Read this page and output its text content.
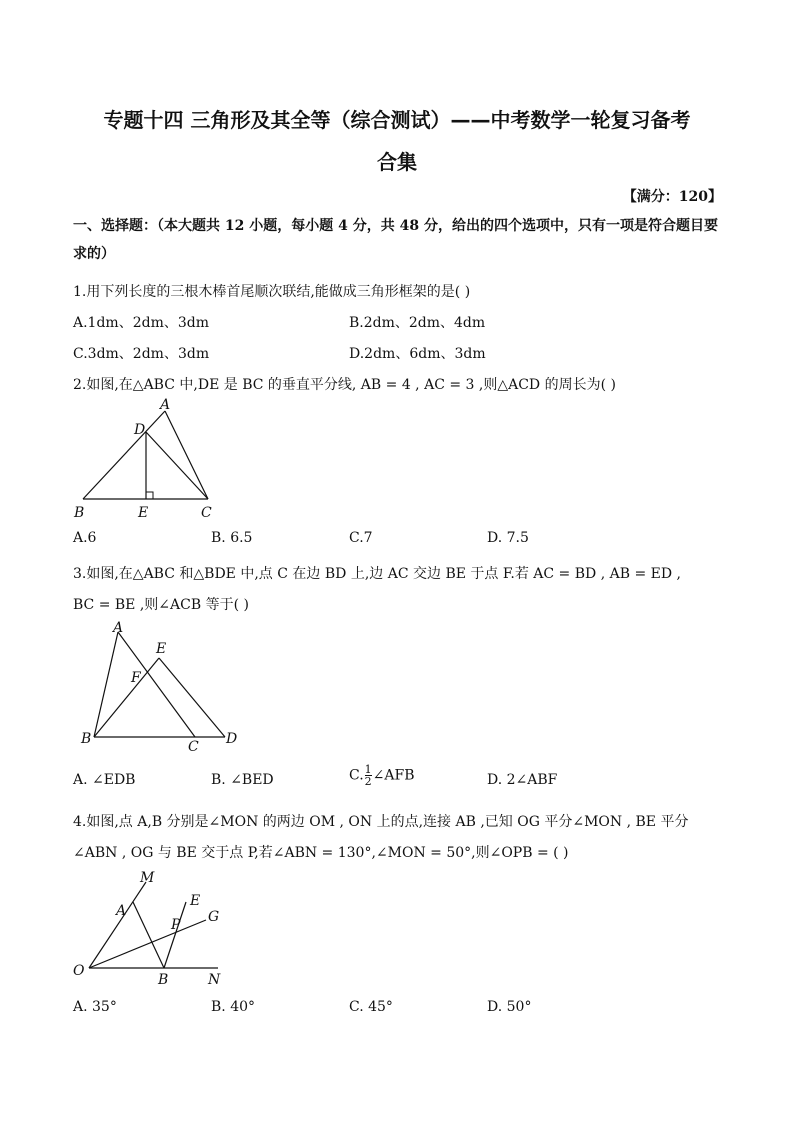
专题十四 三角形及其全等（综合测试）——中考数学一轮复习备考
合集
【满分：120】
一、选择题：（本大题共 12 小题，每小题 4 分，共 48 分，给出的四个选项中，只有一项是符合题目要求的）
1.用下列长度的三根木棒首尾顺次联结,能做成三角形框架的是( )
A.1dm、2dm、3dm	B.2dm、2dm、4dm
C.3dm、2dm、3dm	D.2dm、6dm、3dm
2.如图,在△ABC 中,DE 是 BC 的垂直平分线, AB = 4 , AC = 3 ,则△ACD 的周长为( )
A
D
B	E	C
A.6	B. 6.5	C.7	D. 7.5
3.如图,在△ABC 和△BDE 中,点 C 在边 BD 上,边 AC 交边 BE 于点 F.若 AC = BD , AB = ED ,
BC = BE ,则∠ACB 等于( )
A
E
F
B	C D
A. ∠EDB	B. ∠BED	C. $\frac{1}{2}$ ∠AFB	D. 2∠ABF
4.如图,点 A,B 分别是∠MON 的两边 OM , ON 上的点,连接 AB ,已知 OG 平分∠MON , BE 平分
∠ABN , OG 与 BE 交于点 P,若∠ABN = 130°,∠MON = 50°,则∠OPB = ( )
M
A
E
P G
O
B	N
A. 35°	B. 40°	C. 45°	D. 50°
